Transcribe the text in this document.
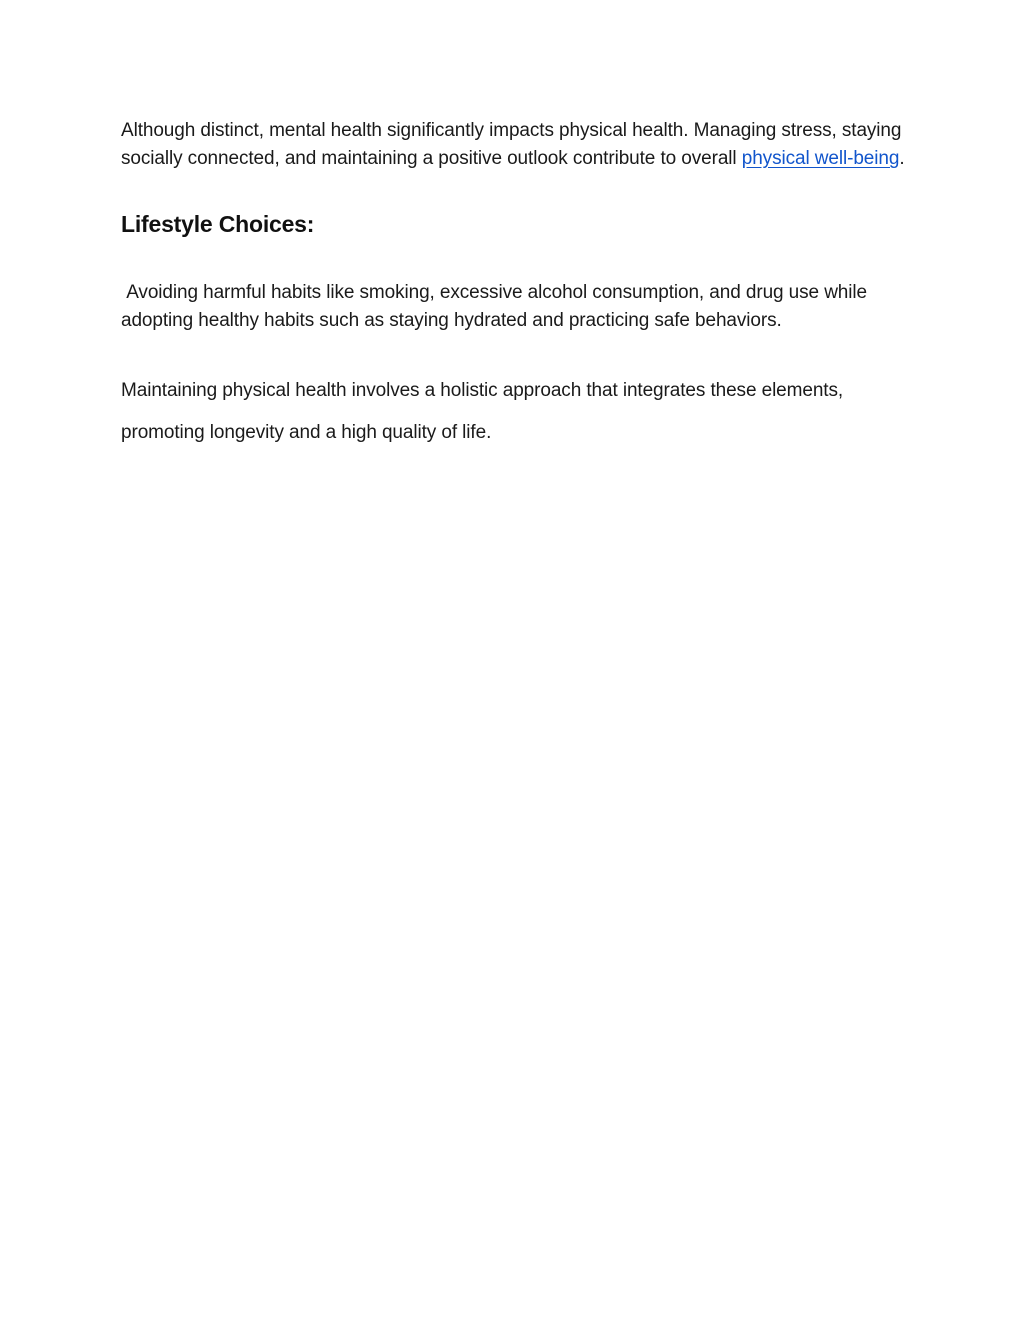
Although distinct, mental health significantly impacts physical health. Managing stress, staying socially connected, and maintaining a positive outlook contribute to overall physical well-being.

Lifestyle Choices:

Avoiding harmful habits like smoking, excessive alcohol consumption, and drug use while adopting healthy habits such as staying hydrated and practicing safe behaviors.

Maintaining physical health involves a holistic approach that integrates these elements, promoting longevity and a high quality of life.
